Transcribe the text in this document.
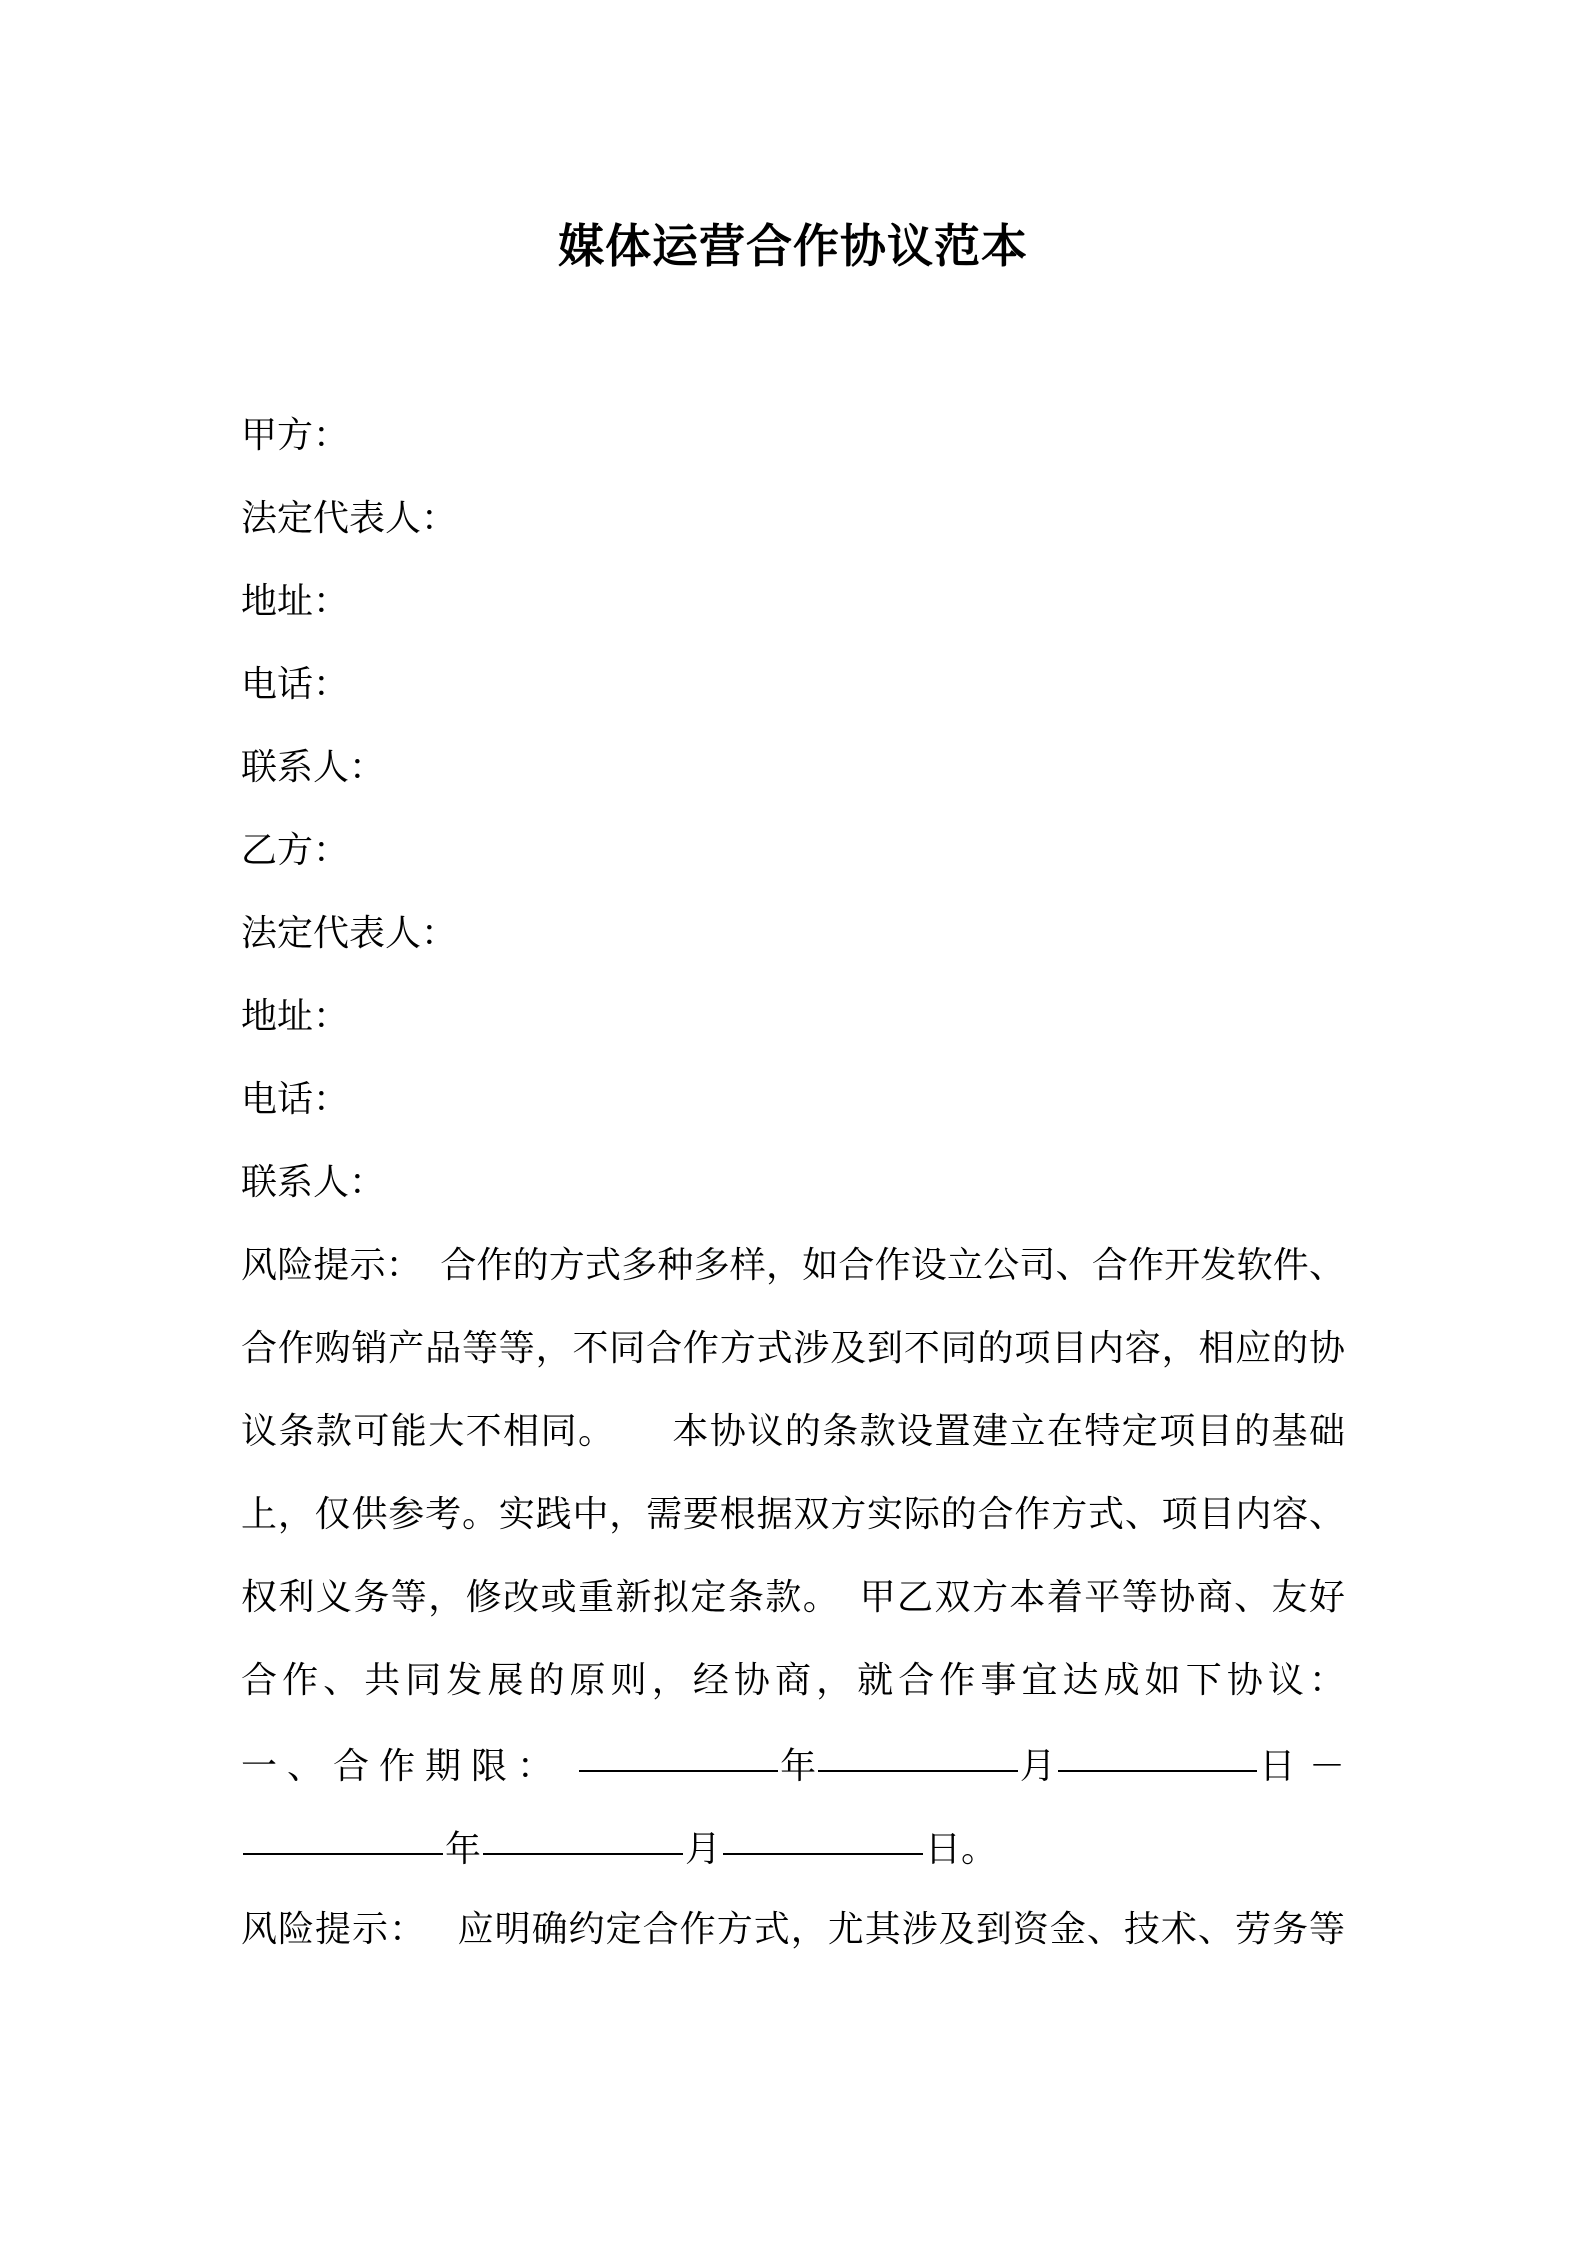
媒体运营合作协议范本
甲方：
法定代表人：
地址：
电话：
联系人：
乙方：
法定代表人：
地址：
电话：
联系人：
风险提示：　合作的方式多种多样，如合作设立公司、合作开发软件、
合作购销产品等等，不同合作方式涉及到不同的项目内容，相应的协
议条款可能大不相同。　　本协议的条款设置建立在特定项目的基础
上，仅供参考。实践中，需要根据双方实际的合作方式、项目内容、
权利义务等，修改或重新拟定条款。　甲乙双方本着平等协商、友好
合作、共同发展的原则，经协商，就合作事宜达成如下协议：
一、合作期限：	年	月	日 －
年	月	日。
风险提示：　 应明确约定合作方式，尤其涉及到资金、技术、劳务等
